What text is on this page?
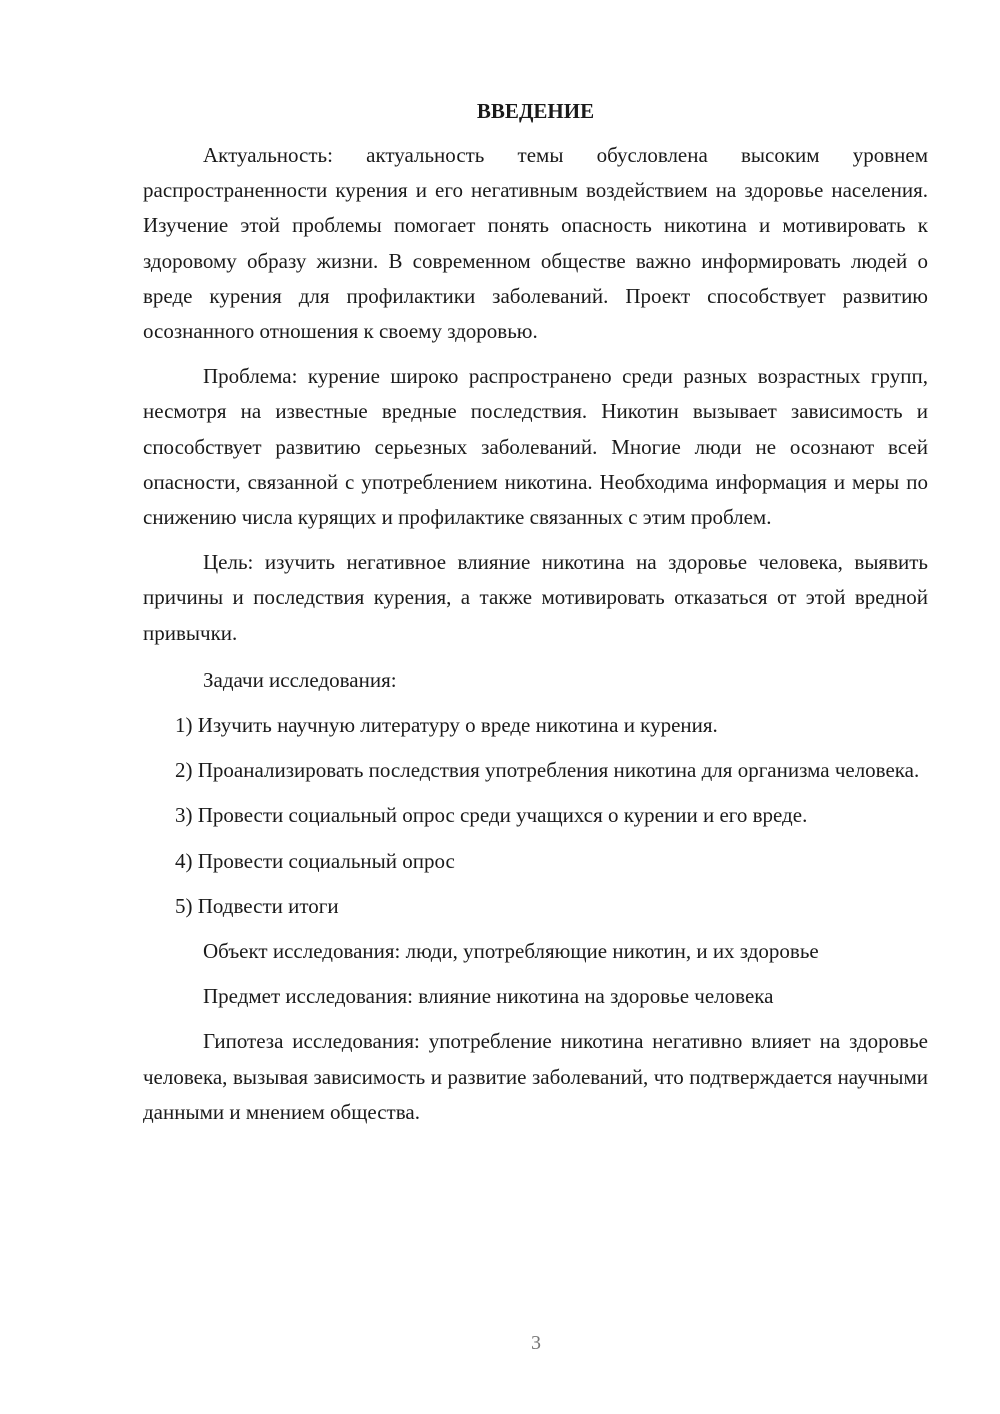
ВВЕДЕНИЕ

Актуальность: актуальность темы обусловлена высоким уровнем распространенности курения и его негативным воздействием на здоровье населения. Изучение этой проблемы помогает понять опасность никотина и мотивировать к здоровому образу жизни. В современном обществе важно информировать людей о вреде курения для профилактики заболеваний. Проект способствует развитию осознанного отношения к своему здоровью.

Проблема: курение широко распространено среди разных возрастных групп, несмотря на известные вредные последствия. Никотин вызывает зависимость и способствует развитию серьезных заболеваний. Многие люди не осознают всей опасности, связанной с употреблением никотина. Необходима информация и меры по снижению числа курящих и профилактике связанных с этим проблем.

Цель: изучить негативное влияние никотина на здоровье человека, выявить причины и последствия курения, а также мотивировать отказаться от этой вредной привычки.

Задачи исследования:

1) Изучить научную литературу о вреде никотина и курения.

2) Проанализировать последствия употребления никотина для организма человека.

3) Провести социальный опрос среди учащихся о курении и его вреде.

4) Провести социальный опрос

5) Подвести итоги

Объект исследования: люди, употребляющие никотин, и их здоровье

Предмет исследования: влияние никотина на здоровье человека

Гипотеза исследования: употребление никотина негативно влияет на здоровье человека, вызывая зависимость и развитие заболеваний, что подтверждается научными данными и мнением общества.

3
